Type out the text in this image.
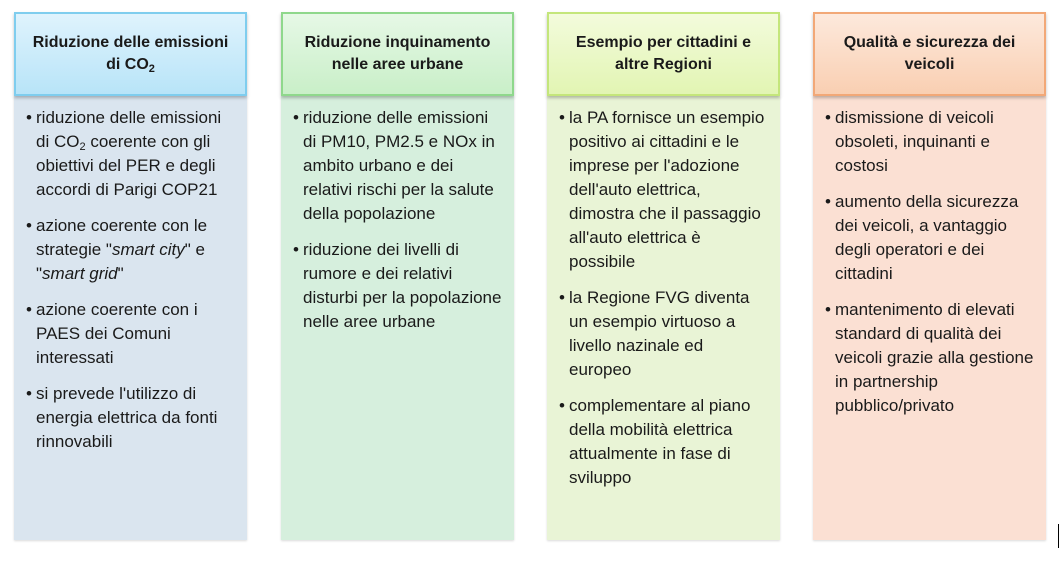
Riduzione delle emissioni di $CO_2$
• riduzione delle emissioni di $CO_2$ coerente con gli obiettivi del PER e degli accordi di Parigi COP21
• azione coerente con le strategie "smart city" e "smart grid"
• azione coerente con i PAES dei Comuni interessati
• si prevede l'utilizzo di energia elettrica da fonti rinnovabili
Riduzione inquinamento nelle aree urbane
• riduzione delle emissioni di PM10, PM2.5 e NOx in ambito urbano e dei relativi rischi per la salute della popolazione
• riduzione dei livelli di rumore e dei relativi disturbi per la popolazione nelle aree urbane
Esempio per cittadini e altre Regioni
• la PA fornisce un esempio positivo ai cittadini e le imprese per l'adozione dell'auto elettrica, dimostra che il passaggio all'auto elettrica è possibile
• la Regione FVG diventa un esempio virtuoso a livello nazinale ed europeo
• complementare al piano della mobilità elettrica attualmente in fase di sviluppo
Qualità e sicurezza dei veicoli
• dismissione di veicoli obsoleti, inquinanti e costosi
• aumento della sicurezza dei veicoli, a vantaggio degli operatori e dei cittadini
• mantenimento di elevati standard di qualità dei veicoli grazie alla gestione in partnership pubblico/privato
